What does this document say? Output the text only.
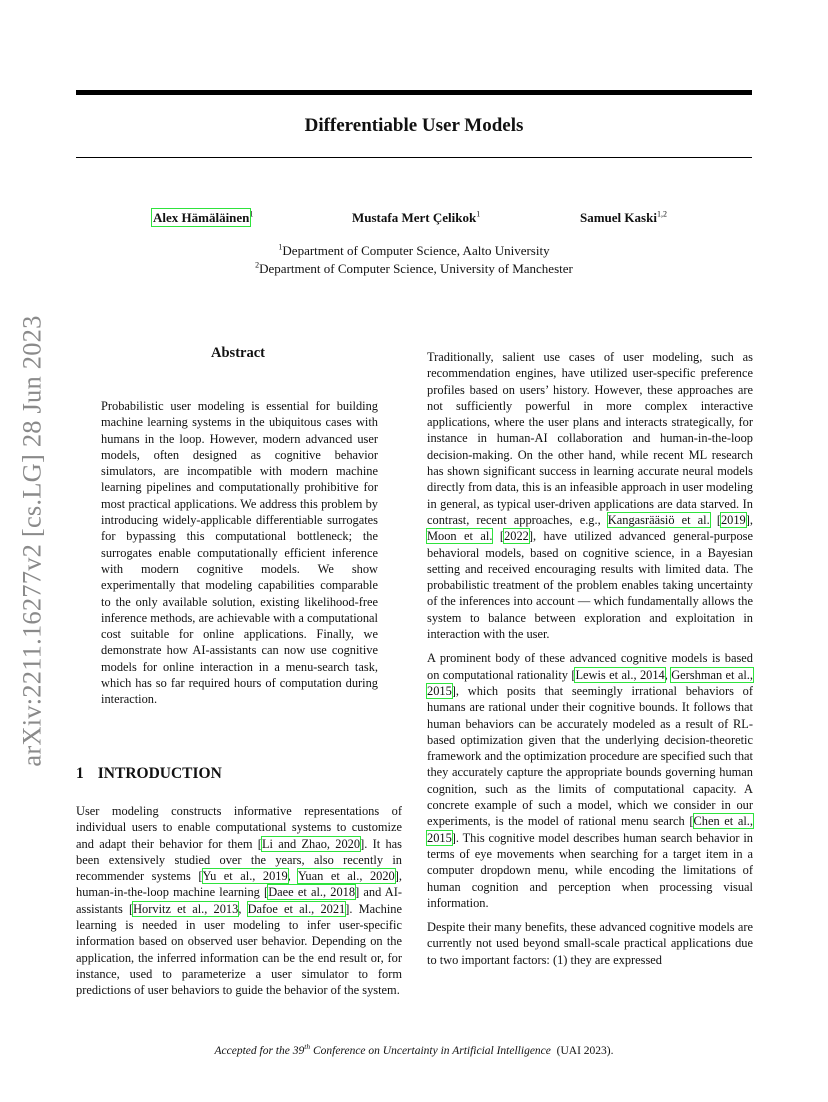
Differentiable User Models
Alex Hämäläinen$^1$	Mustafa Mert Çelikok$^1$	Samuel Kaski$^{1,2}$
$^1$Department of Computer Science, Aalto University
$^2$Department of Computer Science, University of Manchester
arXiv:2211.16277v2 [cs.LG] 28 Jun 2023	Abstract

Probabilistic user modeling is essential for building machine learning systems in the ubiquitous cases with humans in the loop. However, modern advanced user models, often designed as cognitive behavior simulators, are incompatible with modern machine learning pipelines and computationally prohibitive for most practical applications. We address this problem by introducing widely-applicable differentiable surrogates for bypassing this computational bottleneck; the surrogates enable computationally efficient inference with modern cognitive models. We show experimentally that modeling capabilities comparable to the only available solution, existing likelihood-free inference methods, are achievable with a computational cost suitable for online applications. Finally, we demonstrate how AI-assistants can now use cognitive models for online interaction in a menu-search task, which has so far required hours of computation during interaction.

1 INTRODUCTION

User modeling constructs informative representations of individual users to enable computational systems to customize and adapt their behavior for them [Li and Zhao, 2020]. It has been extensively studied over the years, also recently in recommender systems [Yu et al., 2019, Yuan et al., 2020], human-in-the-loop machine learning [Daee et al., 2018] and AI-assistants [Horvitz et al., 2013, Dafoe et al., 2021]. Machine learning is needed in user modeling to infer user-specific information based on observed user behavior. Depending on the application, the inferred information can be the end result or, for instance, used to parameterize a user simulator to form predictions of user behaviors to guide the behavior of the system.

Traditionally, salient use cases of user modeling, such as recommendation engines, have utilized user-specific preference profiles based on users’ history. However, these approaches are not sufficiently powerful in more complex interactive applications, where the user plans and interacts strategically, for instance in human-AI collaboration and human-in-the-loop decision-making. On the other hand, while recent ML research has shown significant success in learning accurate neural models directly from data, this is an infeasible approach in user modeling in general, as typical user-driven applications are data starved. In contrast, recent approaches, e.g., Kangasrääsiö et al. [2019], Moon et al. [2022], have utilized advanced general-purpose behavioral models, based on cognitive science, in a Bayesian setting and received encouraging results with limited data. The probabilistic treatment of the problem enables taking uncertainty of the inferences into account — which fundamentally allows the system to balance between exploration and exploitation in interaction with the user.

A prominent body of these advanced cognitive models is based on computational rationality [Lewis et al., 2014, Gershman et al., 2015], which posits that seemingly irrational behaviors of humans are rational under their cognitive bounds. It follows that human behaviors can be accurately modeled as a result of RL-based optimization given that the underlying decision-theoretic framework and the optimization procedure are specified such that they accurately capture the appropriate bounds governing human cognition, such as the limits of computational capacity. A concrete example of such a model, which we consider in our experiments, is the model of rational menu search [Chen et al., 2015]. This cognitive model describes human search behavior in terms of eye movements when searching for a target item in a computer dropdown menu, while encoding the limitations of human cognition and perception when processing visual information.

Despite their many benefits, these advanced cognitive models are currently not used beyond small-scale practical applications due to two important factors: (1) they are expressed

Accepted for the 39th Conference on Uncertainty in Artificial Intelligence (UAI 2023).
